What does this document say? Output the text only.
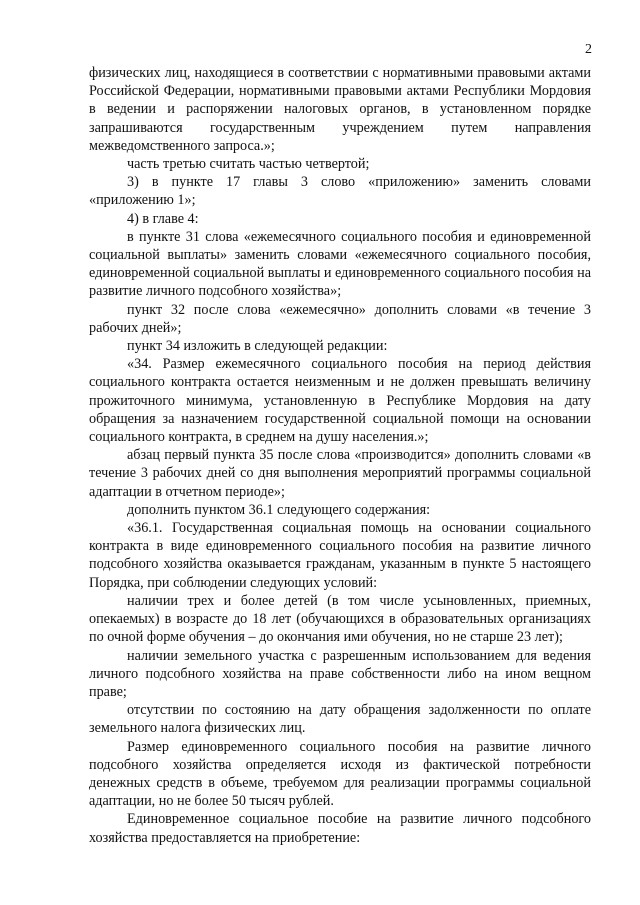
2

физических лиц, находящиеся в соответствии с нормативными правовыми актами Российской Федерации, нормативными правовыми актами Республики Мордовия в ведении и распоряжении налоговых органов, в установленном порядке запрашиваются государственным учреждением путем направления межведомственного запроса.»;

часть третью считать частью четвертой;

3) в пункте 17 главы 3 слово «приложению» заменить словами «приложению 1»;

4) в главе 4:

в пункте 31 слова «ежемесячного социального пособия и единовременной социальной выплаты» заменить словами «ежемесячного социального пособия, единовременной социальной выплаты и единовременного социального пособия на развитие личного подсобного хозяйства»;

пункт 32 после слова «ежемесячно» дополнить словами «в течение 3 рабочих дней»;

пункт 34 изложить в следующей редакции:

«34. Размер ежемесячного социального пособия на период действия социального контракта остается неизменным и не должен превышать величину прожиточного минимума, установленную в Республике Мордовия на дату обращения за назначением государственной социальной помощи на основании социального контракта, в среднем на душу населения.»;

абзац первый пункта 35 после слова «производится» дополнить словами «в течение 3 рабочих дней со дня выполнения мероприятий программы социальной адаптации в отчетном периоде»;

дополнить пунктом 36.1 следующего содержания:

«36.1. Государственная социальная помощь на основании социального контракта в виде единовременного социального пособия на развитие личного подсобного хозяйства оказывается гражданам, указанным в пункте 5 настоящего Порядка, при соблюдении следующих условий:

наличии трех и более детей (в том числе усыновленных, приемных, опекаемых) в возрасте до 18 лет (обучающихся в образовательных организациях по очной форме обучения – до окончания ими обучения, но не старше 23 лет);

наличии земельного участка с разрешенным использованием для ведения личного подсобного хозяйства на праве собственности либо на ином вещном праве;

отсутствии по состоянию на дату обращения задолженности по оплате земельного налога физических лиц.

Размер единовременного социального пособия на развитие личного подсобного хозяйства определяется исходя из фактической потребности денежных средств в объеме, требуемом для реализации программы социальной адаптации, но не более 50 тысяч рублей.

Единовременное социальное пособие на развитие личного подсобного хозяйства предоставляется на приобретение:
